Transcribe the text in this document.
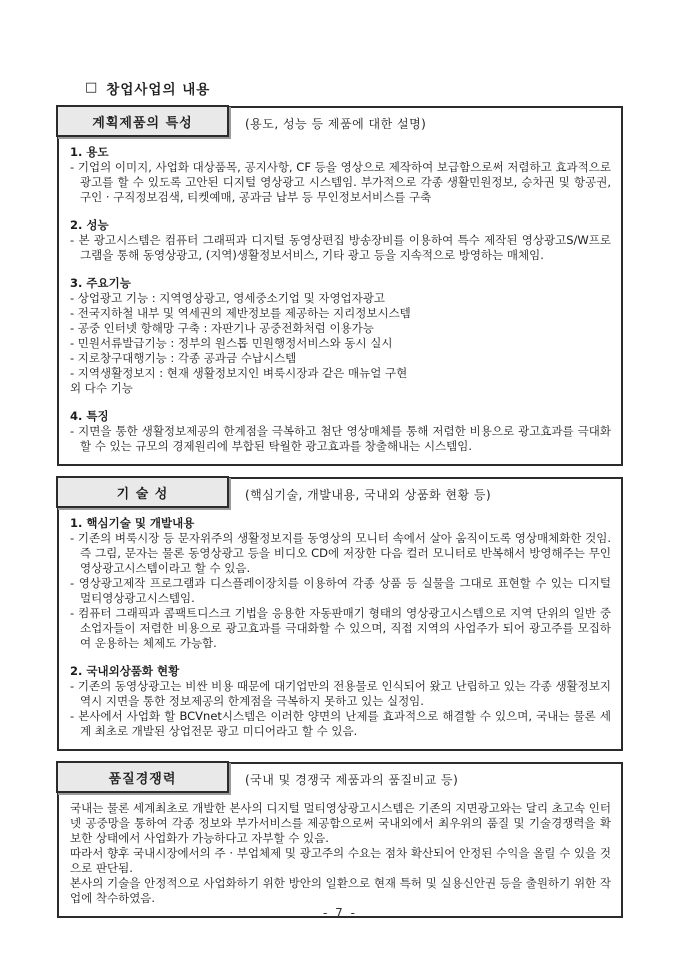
□ 창업사업의 내용
계획제품의 특성	(용도, 성능 등 제품에 대한 설명)
1. 용도

- 기업의 이미지, 사업화 대상품목, 공지사항, CF 등을 영상으로 제작하여 보급함으로써 저렴하고 효과적으로 광고를 할 수 있도록 고안된 디지털 영상광고 시스템임. 부가적으로 각종 생활민원정보, 승차권 및 항공권, 구인 · 구직정보검색, 티켓예매, 공과금 납부 등 무인정보서비스를 구축

2. 성능

- 본 광고시스템은 컴퓨터 그래픽과 디지털 동영상편집 방송장비를 이용하여 특수 제작된 영상광고S/W프로그램을 통해 동영상광고, (지역)생활정보서비스, 기타 광고 등을 지속적으로 방영하는 매체임.

3. 주요기능

- 상업광고 기능 : 지역영상광고, 영세중소기업 및 자영업자광고

- 전국지하철 내부 및 역세권의 제반정보를 제공하는 지리정보시스템

- 공중 인터넷 항해망 구축 : 자판기나 공중전화처럼 이용가능

- 민원서류발급기능 : 정부의 원스톱 민원행정서비스와 동시 실시

- 지로창구대행기능 : 각종 공과금 수납시스템

- 지역생활정보지 : 현재 생활정보지인 벼룩시장과 같은 매뉴얼 구현

외 다수 기능

4. 특징

- 지면을 통한 생활정보제공의 한계점을 극복하고 첨단 영상매체를 통해 저렴한 비용으로 광고효과를 극대화 할 수 있는 규모의 경제원리에 부합된 탁월한 광고효과를 창출해내는 시스템임.

기 술 성	(핵심기술, 개발내용, 국내외 상품화 현황 등)
1. 핵심기술 및 개발내용

- 기존의 벼룩시장 등 문자위주의 생활정보지를 동영상의 모니터 속에서 살아 움직이도록 영상매체화한 것임. 즉 그림, 문자는 물론 동영상광고 등을 비디오 CD에 저장한 다음 컬러 모니터로 반복해서 방영해주는 무인영상광고시스템이라고 할 수 있음.

- 영상광고제작 프로그램과 디스플레이장치를 이용하여 각종 상품 등 실물을 그대로 표현할 수 있는 디지털 멀티영상광고시스템임.

- 컴퓨터 그래픽과 콤팩트디스크 기법을 응용한 자동판매기 형태의 영상광고시스템으로 지역 단위의 일반 중소업자들이 저렴한 비용으로 광고효과를 극대화할 수 있으며, 직접 지역의 사업주가 되어 광고주를 모집하여 운용하는 체제도 가능함.

2. 국내외상품화 현황

- 기존의 동영상광고는 비싼 비용 때문에 대기업만의 전용물로 인식되어 왔고 난립하고 있는 각종 생활정보지 역시 지면을 통한 정보제공의 한계점을 극복하지 못하고 있는 실정임.

- 본사에서 사업화 할 BCVnet시스템은 이러한 양면의 난제를 효과적으로 해결할 수 있으며, 국내는 물론 세계 최초로 개발된 상업전문 광고 미디어라고 할 수 있음.

품질경쟁력	(국내 및 경쟁국 제품과의 품질비교 등)

국내는 물론 세계최초로 개발한 본사의 디지털 멀티영상광고시스템은 기존의 지면광고와는 달리 초고속 인터넷 공중망을 통하여 각종 정보와 부가서비스를 제공함으로써 국내외에서 최우위의 품질 및 기술경쟁력을 확보한 상태에서 사업화가 가능하다고 자부할 수 있음.

따라서 향후 국내시장에서의 주 · 부업체제 및 광고주의 수요는 점차 확산되어 안정된 수익을 올릴 수 있을 것으로 판단됨.

본사의 기술을 안정적으로 사업화하기 위한 방안의 일환으로 현재 특허 및 실용신안권 등을 출원하기 위한 작업에 착수하였음.

- 7 -
